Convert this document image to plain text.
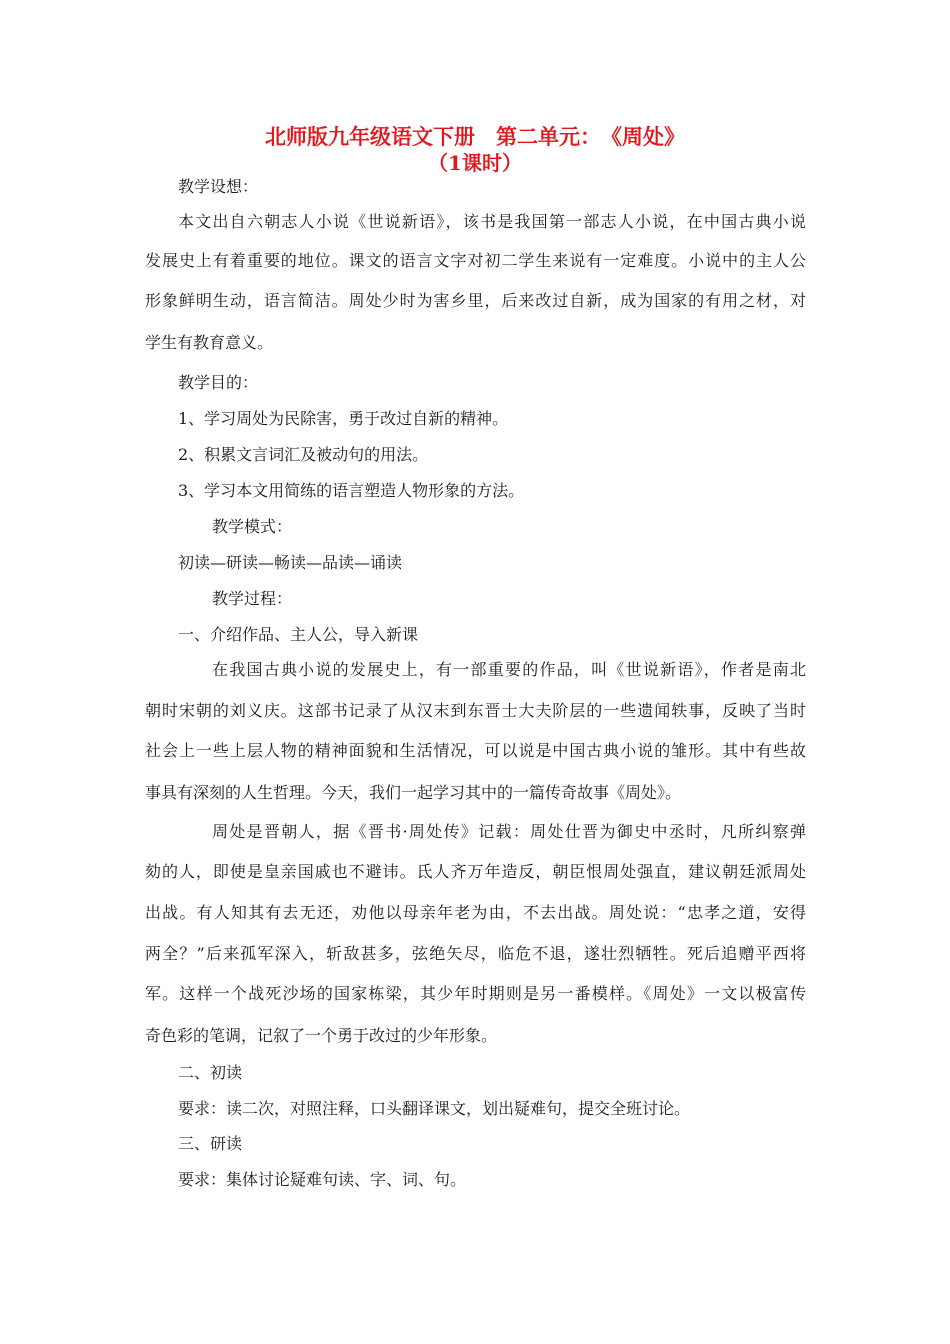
北师版九年级语文下册　第二单元：　《周处》
（1课时）
教学设想：
本文出自六朝志人小说《世说新语》，该书是我国第一部志人小说，在中国古典小说
发展史上有着重要的地位。课文的语言文字对初二学生来说有一定难度。小说中的主人公
形象鲜明生动，语言简洁。周处少时为害乡里，后来改过自新，成为国家的有用之材，对
学生有教育意义。
教学目的：
1、学习周处为民除害，勇于改过自新的精神。
2、积累文言词汇及被动句的用法。
3、学习本文用简练的语言塑造人物形象的方法。
教学模式：
初读—研读—畅读—品读—诵读
教学过程：
一、介绍作品、主人公，导入新课
在我国古典小说的发展史上，有一部重要的作品，叫《世说新语》，作者是南北
朝时宋朝的刘义庆。这部书记录了从汉末到东晋士大夫阶层的一些遗闻轶事，反映了当时
社会上一些上层人物的精神面貌和生活情况，可以说是中国古典小说的雏形。其中有些故
事具有深刻的人生哲理。今天，我们一起学习其中的一篇传奇故事《周处》。
周处是晋朝人，据《晋书·周处传》记载：周处仕晋为御史中丞时，凡所纠察弹
劾的人，即使是皇亲国戚也不避讳。氐人齐万年造反，朝臣恨周处强直，建议朝廷派周处
出战。有人知其有去无还，劝他以母亲年老为由，不去出战。周处说：“忠孝之道，安得
两全？”后来孤军深入，斩敌甚多，弦绝矢尽，临危不退，遂壮烈牺牲。死后追赠平西将
军。这样一个战死沙场的国家栋梁，其少年时期则是另一番模样。《周处》一文以极富传
奇色彩的笔调，记叙了一个勇于改过的少年形象。
二、初读
要求：读二次，对照注释，口头翻译课文，划出疑难句，提交全班讨论。
三、研读
要求：集体讨论疑难句读、字、词、句。
